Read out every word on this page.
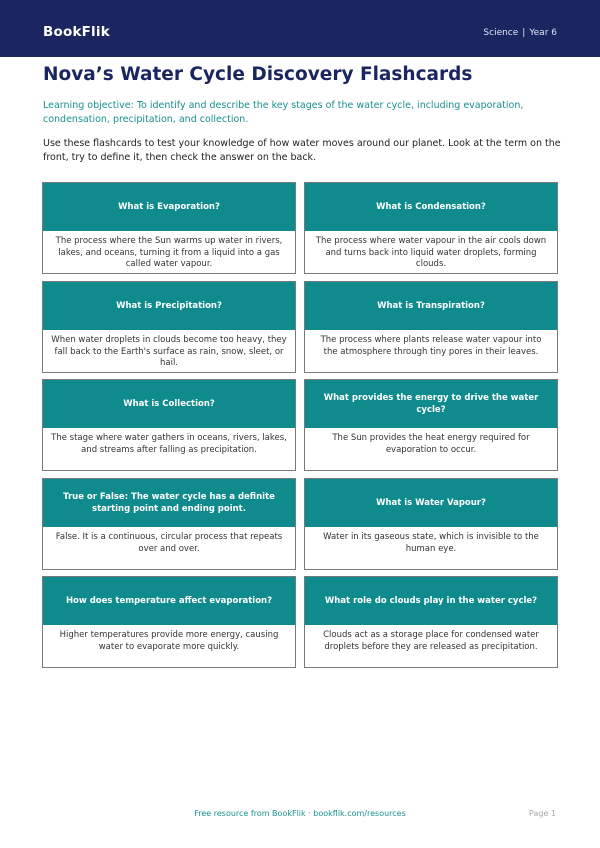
BookFlik	Science | Year 6
Nova’s Water Cycle Discovery Flashcards
Learning objective: To identify and describe the key stages of the water cycle, including evaporation, condensation, precipitation, and collection.
Use these flashcards to test your knowledge of how water moves around our planet. Look at the term on the front, try to define it, then check the answer on the back.
What is Evaporation?
The process where the Sun warms up water in rivers, lakes, and oceans, turning it from a liquid into a gas called water vapour.
What is Condensation?
The process where water vapour in the air cools down and turns back into liquid water droplets, forming clouds.
What is Precipitation?
When water droplets in clouds become too heavy, they fall back to the Earth's surface as rain, snow, sleet, or hail.
What is Transpiration?
The process where plants release water vapour into the atmosphere through tiny pores in their leaves.
What is Collection?
The stage where water gathers in oceans, rivers, lakes, and streams after falling as precipitation.
What provides the energy to drive the water cycle?
The Sun provides the heat energy required for evaporation to occur.
True or False: The water cycle has a definite starting point and ending point.
False. It is a continuous, circular process that repeats over and over.
What is Water Vapour?
Water in its gaseous state, which is invisible to the human eye.
How does temperature affect evaporation?
Higher temperatures provide more energy, causing water to evaporate more quickly.
What role do clouds play in the water cycle?
Clouds act as a storage place for condensed water droplets before they are released as precipitation.
Free resource from BookFlik · bookflik.com/resources	Page 1
